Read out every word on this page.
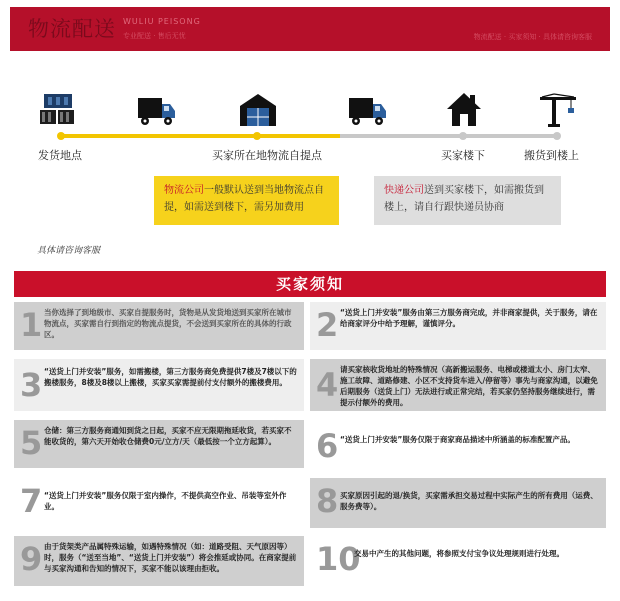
物流配送 WULIU PEISONG
专业配送 · 售后无忧	物流配送 · 买家须知 · 具体请咨询客服
发货地点	买家所在地物流自提点	买家楼下	搬货到楼上
物流公司一般默认送到当地物流点自提，如需送到楼下，需另加费用
快递公司送到买家楼下，如需搬货到楼上，请自行跟快递员协商
具体请咨询客服
买家须知
1 当你选择了到地级市、买家自提服务时，货物是从发货地送到买家所在城市物流点，买家需自行到指定的物流点提货，不会送到买家所在的具体的行政区。	2 “送货上门并安装”服务由第三方服务商完成，并非商家提供，关于服务，请在给商家评分中给予理解，谨慎评分。
3 “送货上门并安装”服务，如需搬楼，第三方服务商免费提供7楼及7楼以下的搬楼服务，8楼及8楼以上搬楼，买家买家需提前付支付额外的搬楼费用。 4 请买家核收货地址的特殊情况（高新搬运服务、电梯或楼道太小、房门太窄、施工故障、道路修建、小区不支持货车进入/停留等）事先与商家沟通，以避免后期服务（送货上门）无法进行或正常完结，若买家仍坚持服务继续进行，需提示付额外的费用。
5 仓储：第三方服务商通知到货之日起，买家不应无限期拖延收货，若买家不能收货的，第六天开始收仓储费0元/立方/天（最低按一个立方起算）。	6 “送货上门并安装”服务仅限于商家商品描述中所涵盖的标准配置产品。
7 “送货上门并安装”服务仅限于室内操作，不提供高空作业、吊装等室外作业。	8 买家原因引起的退/换货，买家需承担交易过程中实际产生的所有费用（运费、服务费等）。
9 由于货架类产品属特殊运输，如遇特殊情况（如：道路受阻、天气原因等）时，服务（“送至当地”、“送货上门并安装”）将会推延或协同。在商家提前与买家沟通和告知的情况下，买家不能以该理由拒收。	10
交易中产生的其他问题，将参照支付宝争议处理规则进行处理。
